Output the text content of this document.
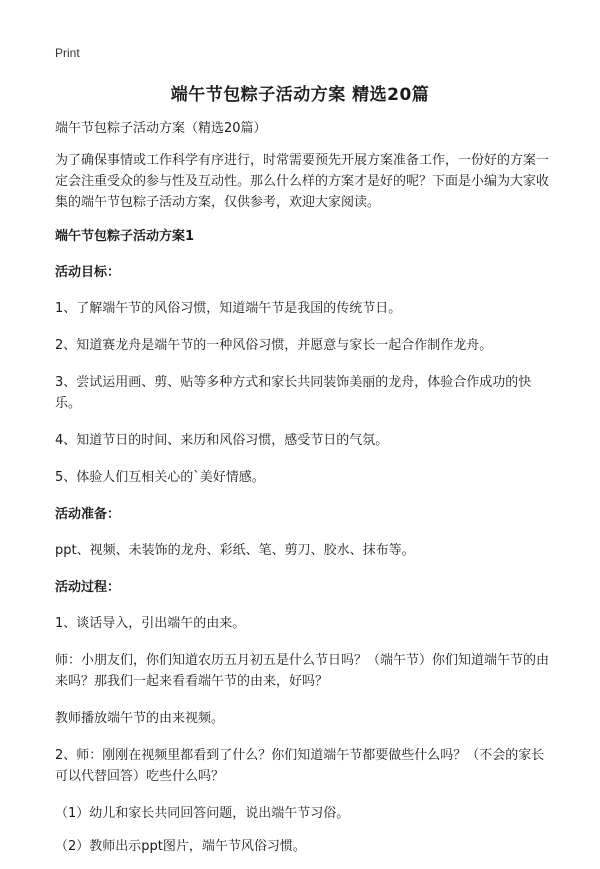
Print
端午节包粽子活动方案 精选20篇

端午节包粽子活动方案（精选20篇）

为了确保事情或工作科学有序进行，时常需要预先开展方案准备工作，一份好的方案一定会注重受众的参与性及互动性。那么什么样的方案才是好的呢？下面是小编为大家收集的端午节包粽子活动方案，仅供参考，欢迎大家阅读。

端午节包粽子活动方案1

活动目标：

1、了解端午节的风俗习惯，知道端午节是我国的传统节日。

2、知道赛龙舟是端午节的一种风俗习惯，并愿意与家长一起合作制作龙舟。

3、尝试运用画、剪、贴等多种方式和家长共同装饰美丽的龙舟，体验合作成功的快乐。

4、知道节日的时间、来历和风俗习惯，感受节日的气氛。

5、体验人们互相关心的`美好情感。

活动准备：

ppt、视频、未装饰的龙舟、彩纸、笔、剪刀、胶水、抹布等。

活动过程：

1、谈话导入，引出端午的由来。

师：小朋友们，你们知道农历五月初五是什么节日吗？（端午节）你们知道端午节的由来吗？那我们一起来看看端午节的由来，好吗？

教师播放端午节的由来视频。

2、师：刚刚在视频里都看到了什么？你们知道端午节都要做些什么吗？（不会的家长可以代替回答）吃些什么吗？

（1）幼儿和家长共同回答问题，说出端午节习俗。

（2）教师出示ppt图片，端午节风俗习惯。
